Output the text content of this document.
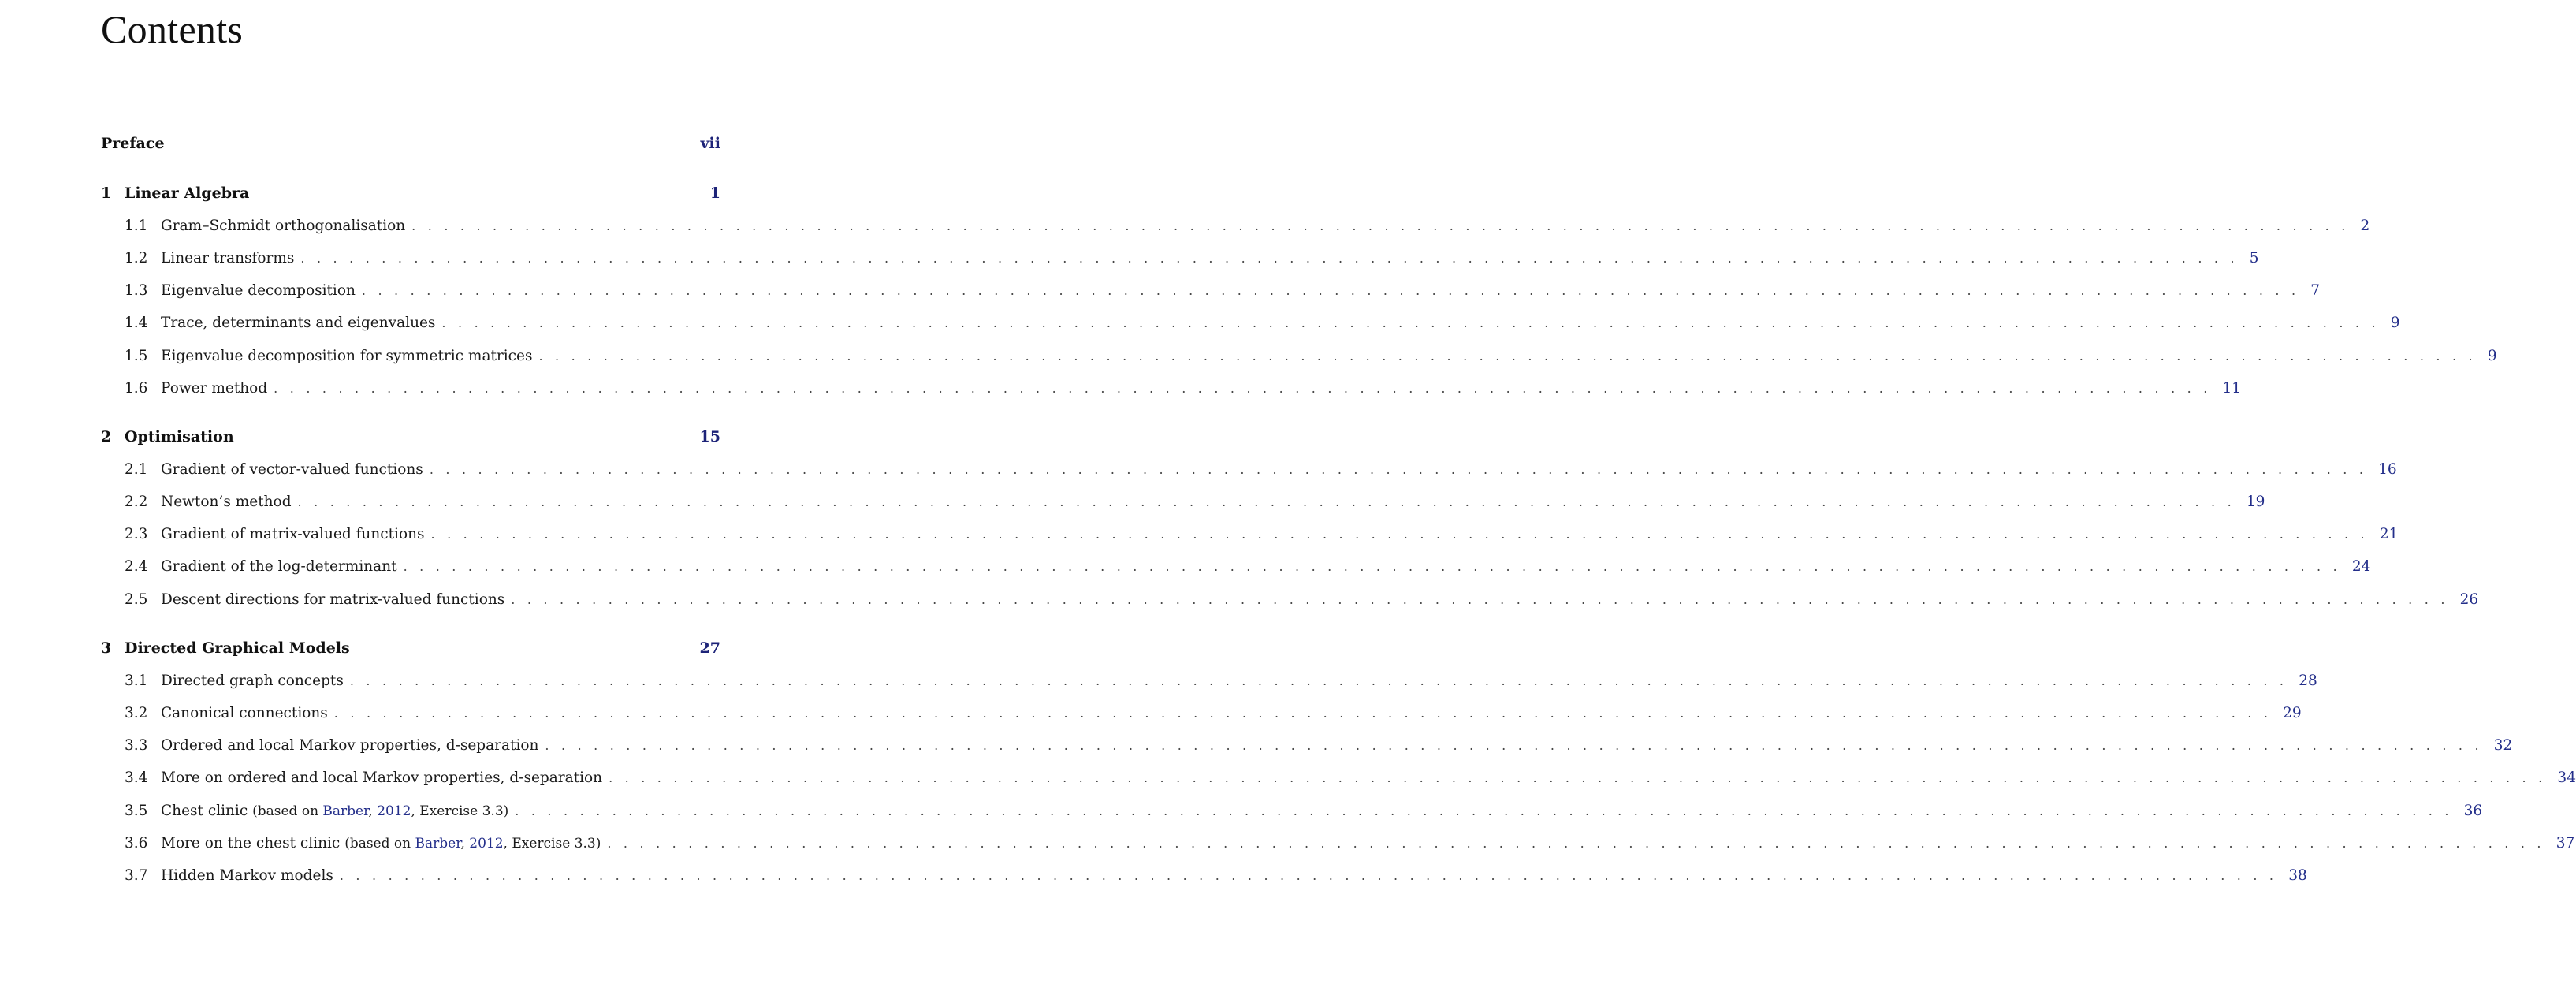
Contents
Preface	vii
1 Linear Algebra	1
1.1 Gram–Schmidt orthogonalisation . . . . . . . . . . . . . . . . . . . . . . . . . . . . . . . . . . . . . . . . . . . . . . . . . . . . . . . . . . . . . . . . . . . . . . . . . . . . . . . . . . . . . . . . . . . . . . . . . . . . . . . . . . . . . . . . . . . . . . . . 2
1.2 Linear transforms . . . . . . . . . . . . . . . . . . . . . . . . . . . . . . . . . . . . . . . . . . . . . . . . . . . . . . . . . . . . . . . . . . . . . . . . . . . . . . . . . . . . . . . . . . . . . . . . . . . . . . . . . . . . . . . . . . . . . . . . 5
1.3 Eigenvalue decomposition . . . . . . . . . . . . . . . . . . . . . . . . . . . . . . . . . . . . . . . . . . . . . . . . . . . . . . . . . . . . . . . . . . . . . . . . . . . . . . . . . . . . . . . . . . . . . . . . . . . . . . . . . . . . . . . . . . . . . . . . 7
1.4 Trace, determinants and eigenvalues . . . . . . . . . . . . . . . . . . . . . . . . . . . . . . . . . . . . . . . . . . . . . . . . . . . . . . . . . . . . . . . . . . . . . . . . . . . . . . . . . . . . . . . . . . . . . . . . . . . . . . . . . . . . . . . . . . . . . . . . 9
1.5 Eigenvalue decomposition for symmetric matrices . . . . . . . . . . . . . . . . . . . . . . . . . . . . . . . . . . . . . . . . . . . . . . . . . . . . . . . . . . . . . . . . . . . . . . . . . . . . . . . . . . . . . . . . . . . . . . . . . . . . . . . . . . . . . . . . . . . . . . . . 9
1.6 Power method . . . . . . . . . . . . . . . . . . . . . . . . . . . . . . . . . . . . . . . . . . . . . . . . . . . . . . . . . . . . . . . . . . . . . . . . . . . . . . . . . . . . . . . . . . . . . . . . . . . . . . . . . . . . . . . . . . . . . . . . 11
2 Optimisation	15
2.1 Gradient of vector-valued functions . . . . . . . . . . . . . . . . . . . . . . . . . . . . . . . . . . . . . . . . . . . . . . . . . . . . . . . . . . . . . . . . . . . . . . . . . . . . . . . . . . . . . . . . . . . . . . . . . . . . . . . . . . . . . . . . . . . . . . . . 16
2.2 Newton’s method . . . . . . . . . . . . . . . . . . . . . . . . . . . . . . . . . . . . . . . . . . . . . . . . . . . . . . . . . . . . . . . . . . . . . . . . . . . . . . . . . . . . . . . . . . . . . . . . . . . . . . . . . . . . . . . . . . . . . . . . 19
2.3 Gradient of matrix-valued functions . . . . . . . . . . . . . . . . . . . . . . . . . . . . . . . . . . . . . . . . . . . . . . . . . . . . . . . . . . . . . . . . . . . . . . . . . . . . . . . . . . . . . . . . . . . . . . . . . . . . . . . . . . . . . . . . . . . . . . . . 21
2.4 Gradient of the log-determinant . . . . . . . . . . . . . . . . . . . . . . . . . . . . . . . . . . . . . . . . . . . . . . . . . . . . . . . . . . . . . . . . . . . . . . . . . . . . . . . . . . . . . . . . . . . . . . . . . . . . . . . . . . . . . . . . . . . . . . . . 24
2.5 Descent directions for matrix-valued functions . . . . . . . . . . . . . . . . . . . . . . . . . . . . . . . . . . . . . . . . . . . . . . . . . . . . . . . . . . . . . . . . . . . . . . . . . . . . . . . . . . . . . . . . . . . . . . . . . . . . . . . . . . . . . . . . . . . . . . . . 26
3 Directed Graphical Models	27
3.1 Directed graph concepts . . . . . . . . . . . . . . . . . . . . . . . . . . . . . . . . . . . . . . . . . . . . . . . . . . . . . . . . . . . . . . . . . . . . . . . . . . . . . . . . . . . . . . . . . . . . . . . . . . . . . . . . . . . . . . . . . . . . . . . . 28
3.2 Canonical connections . . . . . . . . . . . . . . . . . . . . . . . . . . . . . . . . . . . . . . . . . . . . . . . . . . . . . . . . . . . . . . . . . . . . . . . . . . . . . . . . . . . . . . . . . . . . . . . . . . . . . . . . . . . . . . . . . . . . . . . . 29
3.3 Ordered and local Markov properties, d-separation . . . . . . . . . . . . . . . . . . . . . . . . . . . . . . . . . . . . . . . . . . . . . . . . . . . . . . . . . . . . . . . . . . . . . . . . . . . . . . . . . . . . . . . . . . . . . . . . . . . . . . . . . . . . . . . . . . . . . . . . 32
3.4 More on ordered and local Markov properties, d-separation . . . . . . . . . . . . . . . . . . . . . . . . . . . . . . . . . . . . . . . . . . . . . . . . . . . . . . . . . . . . . . . . . . . . . . . . . . . . . . . . . . . . . . . . . . . . . . . . . . . . . . . . . . . . . . . . . . . . . . . . 34
3.5 Chest clinic (based on Barber, 2012, Exercise 3.3) . . . . . . . . . . . . . . . . . . . . . . . . . . . . . . . . . . . . . . . . . . . . . . . . . . . . . . . . . . . . . . . . . . . . . . . . . . . . . . . . . . . . . . . . . . . . . . . . . . . . . . . . . . . . . . . . . . . . . . . . 36
3.6 More on the chest clinic (based on Barber, 2012, Exercise 3.3) . . . . . . . . . . . . . . . . . . . . . . . . . . . . . . . . . . . . . . . . . . . . . . . . . . . . . . . . . . . . . . . . . . . . . . . . . . . . . . . . . . . . . . . . . . . . . . . . . . . . . . . . . . . . . . . . . . . . . . . . 37
3.7 Hidden Markov models . . . . . . . . . . . . . . . . . . . . . . . . . . . . . . . . . . . . . . . . . . . . . . . . . . . . . . . . . . . . . . . . . . . . . . . . . . . . . . . . . . . . . . . . . . . . . . . . . . . . . . . . . . . . . . . . . . . . . . . . 38
